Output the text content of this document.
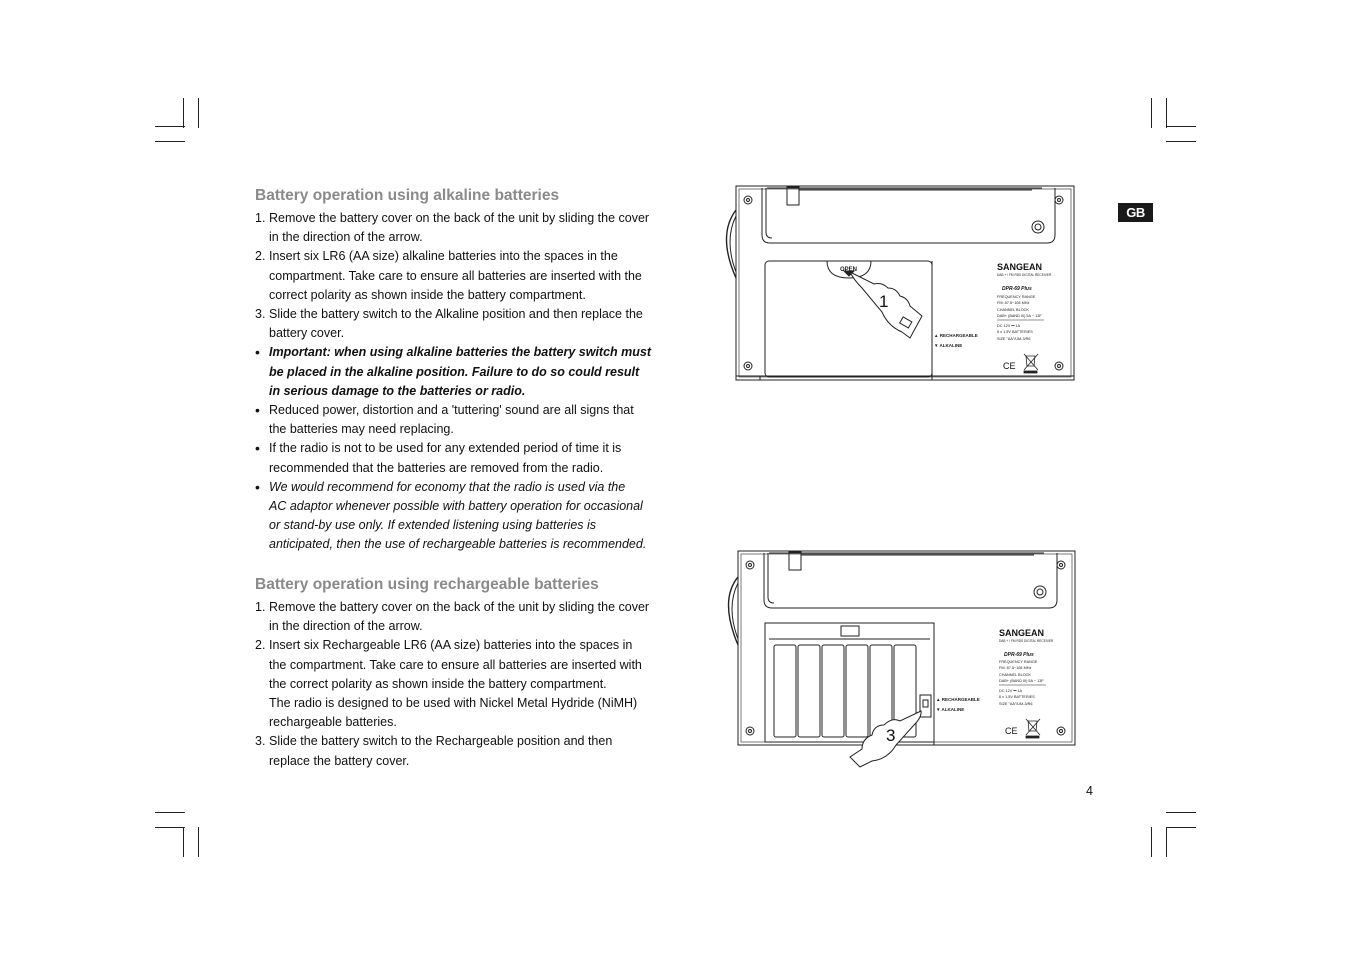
Battery operation using alkaline batteries
1. Remove the battery cover on the back of the unit by sliding the cover
in the direction of the arrow.
2. Insert six LR6 (AA size) alkaline batteries into the spaces in the
compartment. Take care to ensure all batteries are inserted with the
correct polarity as shown inside the battery compartment.
3. Slide the battery switch to the Alkaline position and then replace the
battery cover.
• Important: when using alkaline batteries the battery switch must
be placed in the alkaline position. Failure to do so could result
in serious damage to the batteries or radio.
• Reduced power, distortion and a 'tuttering' sound are all signs that
the batteries may need replacing.
• If the radio is not to be used for any extended period of time it is
recommended that the batteries are removed from the radio.
• We would recommend for economy that the radio is used via the
AC adaptor whenever possible with battery operation for occasional
or stand-by use only. If extended listening using batteries is
anticipated, then the use of rechargeable batteries is recommended.
Battery operation using rechargeable batteries
1. Remove the battery cover on the back of the unit by sliding the cover
in the direction of the arrow.
2. Insert six Rechargeable LR6 (AA size) batteries into the spaces in
the compartment. Take care to ensure all batteries are inserted with
the correct polarity as shown inside the battery compartment.
The radio is designed to be used with Nickel Metal Hydride (NiMH)
rechargeable batteries.
3. Slide the battery switch to the Rechargeable position and then
replace the battery cover.
GB
OPEN
1
▲ RECHARGEABLE
▼ ALKALINE
SANGEAN
DAB + / FM RDS DIGITAL RECEIVER
DPR-69 Plus
FREQUENCY RANGE
FM: 87.5~108 MHz
CHANNEL BLOCK
DAB+ (BAND III) 5A ~ 13F
DC 12V ⎓ 1A
6 x 1.5V BATTERIES
SIZE "AA"/UM-3/R6
CE
3
▲ RECHARGEABLE
▼ ALKALINE
SANGEAN
DAB + / FM RDS DIGITAL RECEIVER
DPR-69 Plus
FREQUENCY RANGE
FM: 87.5~108 MHz
CHANNEL BLOCK
DAB+ (BAND III) 5A ~ 13F
DC 12V ⎓ 1A
6 x 1.5V BATTERIES
SIZE "AA"/UM-3/R6
CE
4
